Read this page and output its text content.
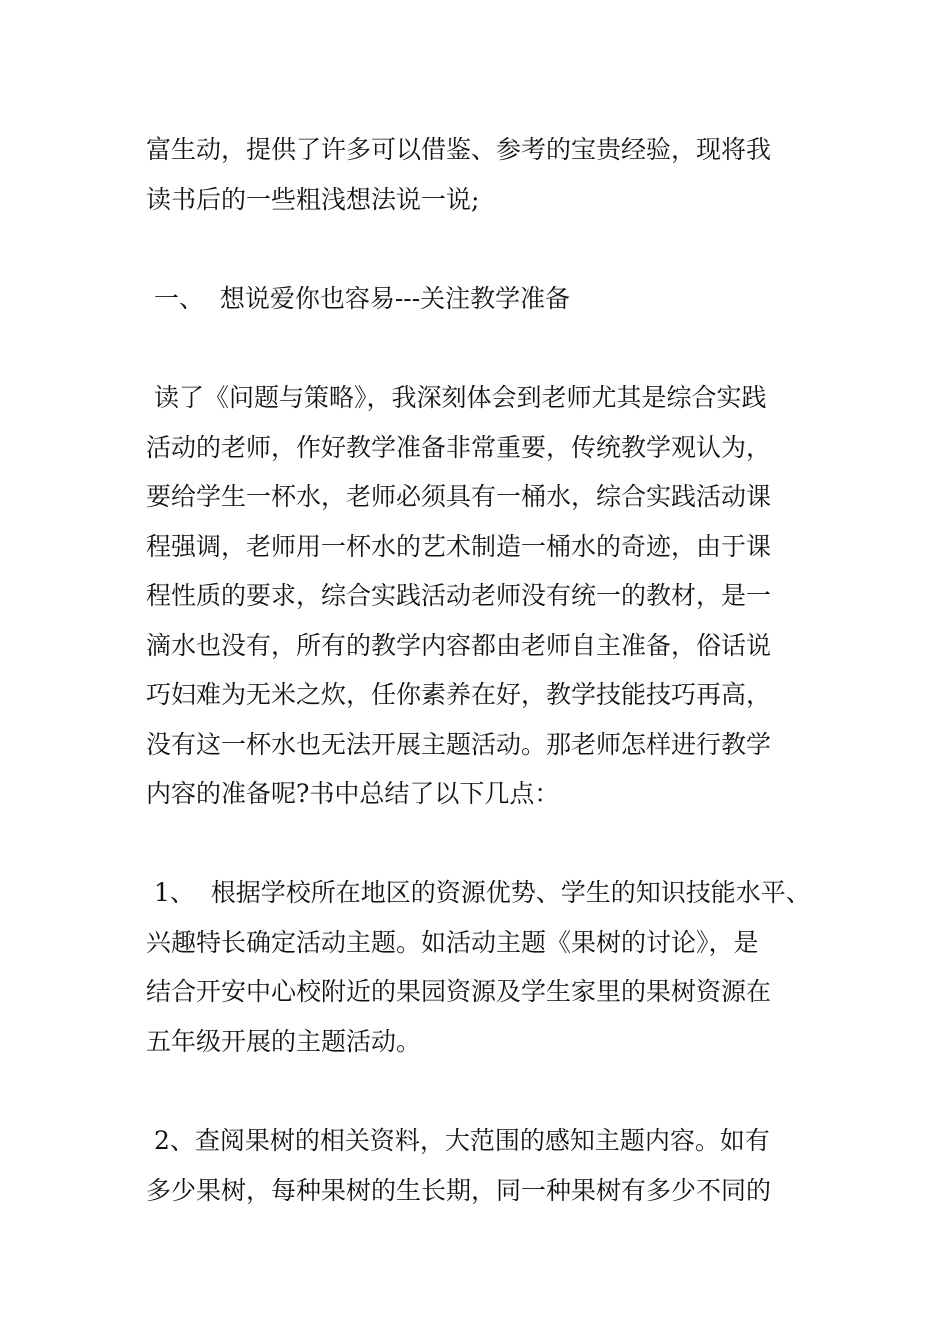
富生动，提供了许多可以借鉴、参考的宝贵经验，现将我
读书后的一些粗浅想法说一说;
一、  想说爱你也容易---关注教学准备
读了《问题与策略》，我深刻体会到老师尤其是综合实践
活动的老师，作好教学准备非常重要，传统教学观认为，
要给学生一杯水，老师必须具有一桶水，综合实践活动课
程强调，老师用一杯水的艺术制造一桶水的奇迹，由于课
程性质的要求，综合实践活动老师没有统一的教材，是一
滴水也没有，所有的教学内容都由老师自主准备，俗话说
巧妇难为无米之炊，任你素养在好，教学技能技巧再高，
没有这一杯水也无法开展主题活动。那老师怎样进行教学
内容的准备呢?书中总结了以下几点：
1、  根据学校所在地区的资源优势、学生的知识技能水平、
兴趣特长确定活动主题。如活动主题《果树的讨论》，是
结合开安中心校附近的果园资源及学生家里的果树资源在
五年级开展的主题活动。
2、查阅果树的相关资料，大范围的感知主题内容。如有
多少果树，每种果树的生长期，同一种果树有多少不同的
